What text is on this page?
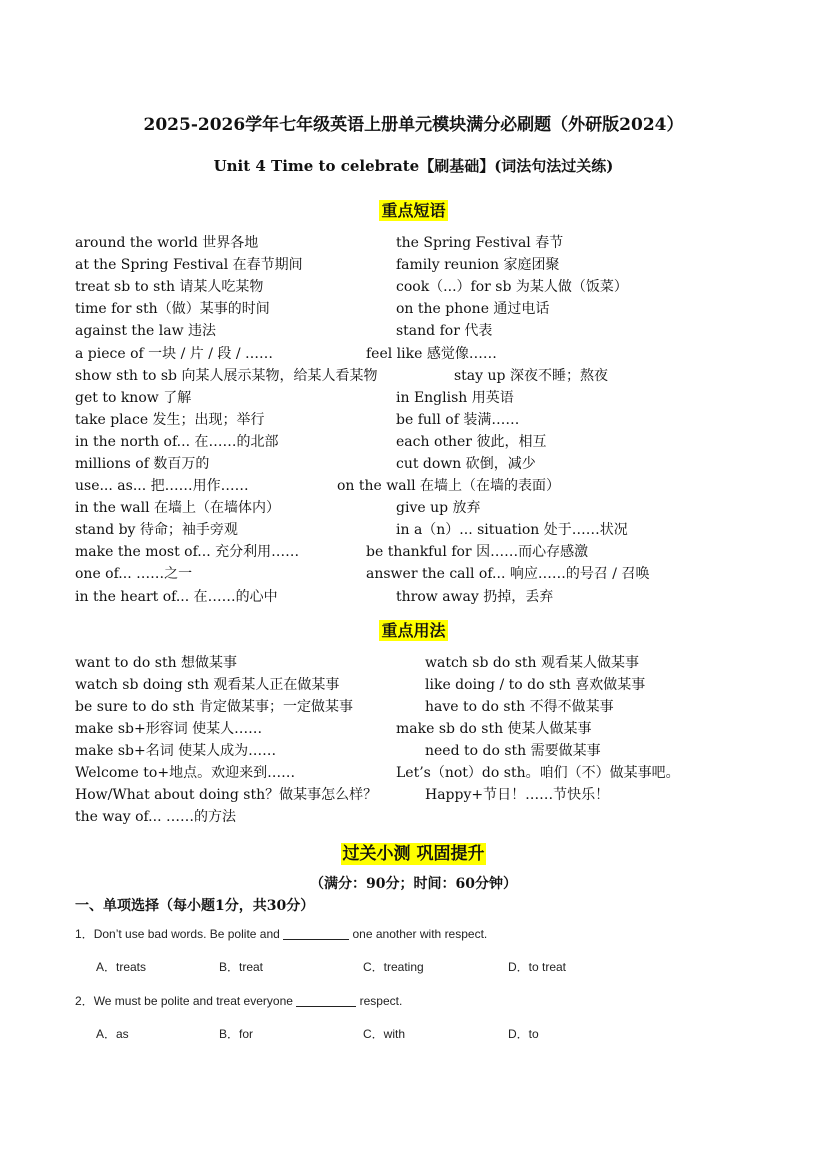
2025-2026学年七年级英语上册单元模块满分必刷题（外研版2024）
Unit 4 Time to celebrate【刷基础】(词法句法过关练)
重点短语
around the world 世界各地	the Spring Festival 春节
at the Spring Festival 在春节期间	family reunion 家庭团聚
treat sb to sth 请某人吃某物	cook（...）for sb 为某人做（饭菜）
time for sth（做）某事的时间	on the phone 通过电话
against the law 违法	stand for 代表
a piece of 一块 / 片 / 段 / ……	feel like 感觉像……
show sth to sb 向某人展示某物，给某人看某物	stay up 深夜不睡；熬夜
get to know 了解	in English 用英语
take place 发生；出现；举行	be full of 装满……
in the north of... 在……的北部	each other 彼此，相互
millions of 数百万的	cut down 砍倒，减少
use... as... 把……用作……	on the wall 在墙上（在墙的表面）
in the wall 在墙上（在墙体内）	give up 放弃
stand by 待命；袖手旁观	in a（n）... situation 处于……状况
make the most of... 充分利用……	be thankful for 因……而心存感激
one of... ……之一	answer the call of... 响应……的号召 / 召唤
in the heart of... 在……的心中	throw away 扔掉，丢弃
重点用法
want to do sth 想做某事	watch sb do sth 观看某人做某事
watch sb doing sth 观看某人正在做某事	like doing / to do sth 喜欢做某事
be sure to do sth 肯定做某事；一定做某事	have to do sth 不得不做某事
make sb+形容词 使某人……	make sb do sth 使某人做某事
make sb+名词 使某人成为……	need to do sth 需要做某事
Welcome to+地点。欢迎来到……	Let’s（not）do sth。咱们（不）做某事吧。
How/What about doing sth？做某事怎么样？	Happy+节日！……节快乐！
the way of... ……的方法
过关小测 巩固提升
（满分：90分；时间：60分钟）
一、单项选择（每小题1分，共30分）
1．Don’t use bad words. Be polite and	one another with respect.
A．treats	B．treat	C．treating	D．to treat
2．We must be polite and treat everyone	respect.
A．as	B．for	C．with	D．to
